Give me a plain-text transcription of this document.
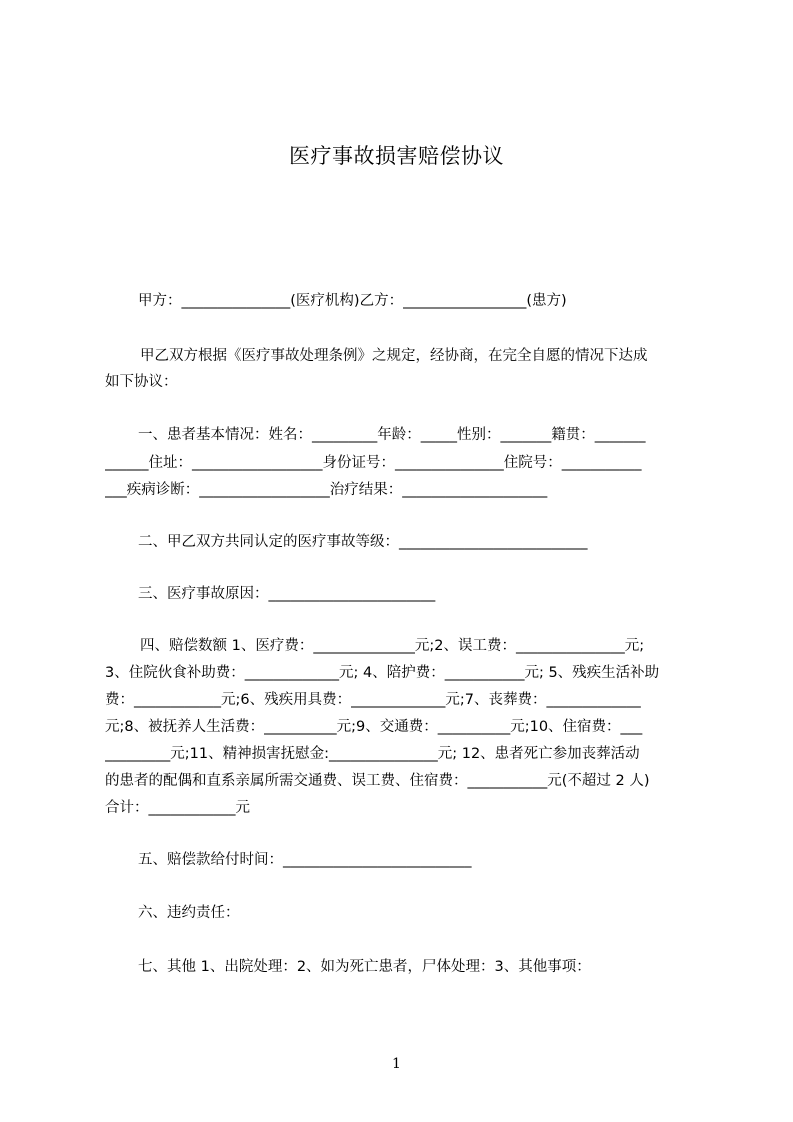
医疗事故损害赔偿协议
甲方：_______________(医疗机构)乙方：_________________(患方)
甲乙双方根据《医疗事故处理条例》之规定，经协商，在完全自愿的情况下达成
如下协议：
一、患者基本情况：姓名：_________年龄：_____性别：_______籍贯：_______
______住址：__________________身份证号：_______________住院号：___________
___疾病诊断：__________________治疗结果：____________________
二、甲乙双方共同认定的医疗事故等级：__________________________
三、医疗事故原因：_______________________
四、赔偿数额 1、医疗费：______________元;2、误工费：_______________元;
3、住院伙食补助费：_____________元; 4、陪护费：___________元; 5、残疾生活补助
费：____________元;6、残疾用具费：_____________元;7、丧葬费：_____________
元;8、被抚养人生活费：__________元;9、交通费：__________元;10、住宿费：___
_________元;11、精神损害抚慰金:_______________元; 12、患者死亡参加丧葬活动
的患者的配偶和直系亲属所需交通费、误工费、住宿费：___________元(不超过 2 人)
合计：____________元
五、赔偿款给付时间：__________________________
六、违约责任：
七、其他 1、出院处理：2、如为死亡患者，尸体处理：3、其他事项：
1
